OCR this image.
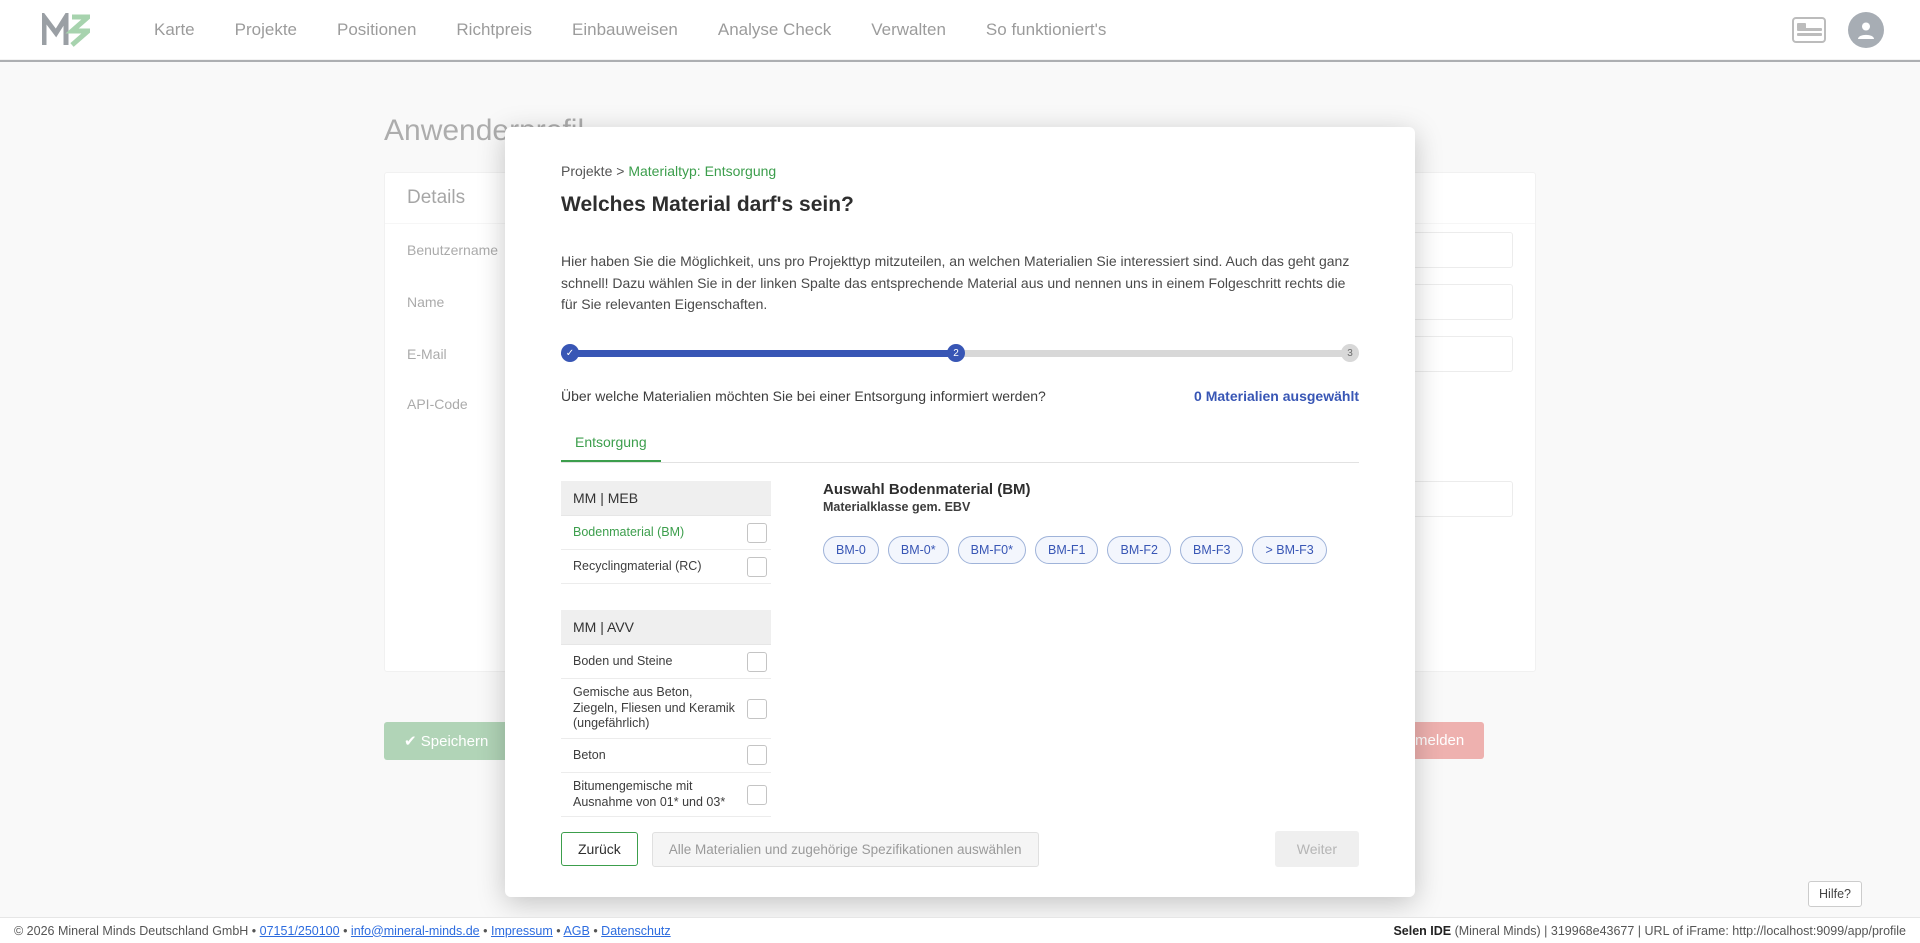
Projekte > Materialtyp: Entsorgung
Welches Material darf's sein?
Hier haben Sie die Möglichkeit, uns pro Projekttyp mitzuteilen, an welchen Materialien Sie interessiert sind. Auch das geht ganz schnell! Dazu wählen Sie in der linken Spalte das entsprechende Material aus und nennen uns in einem Folgeschritt rechts die für Sie relevanten Eigenschaften.
✓	2	3
Über welche Materialien möchten Sie bei einer Entsorgung informiert werden?	0 Materialien ausgewählt
Entsorgung
MM | MEB
Bodenmaterial (BM)
Recyclingmaterial (RC)
MM | AVV
Boden und Steine
Gemische aus Beton, Ziegeln, Fliesen und Keramik (ungefährlich)
Beton
Bitumengemische mit Ausnahme von 01* und 03*
Auswahl Bodenmaterial (BM)
Materialklasse gem. EBV
BM-0	BM-0*	BM-F0*	BM-F1	BM-F2	BM-F3	> BM-F3
Zurück	Alle Materialien und zugehörige Spezifikationen auswählen	Weiter
Hilfe?
© 2026 Mineral Minds Deutschland GmbH • 07151/250100 • info@mineral-minds.de • Impressum • AGB • Datenschutz	Selen IDE (Mineral Minds) | 319968e43677 | URL of iFrame: http://localhost:9099/app/profile
